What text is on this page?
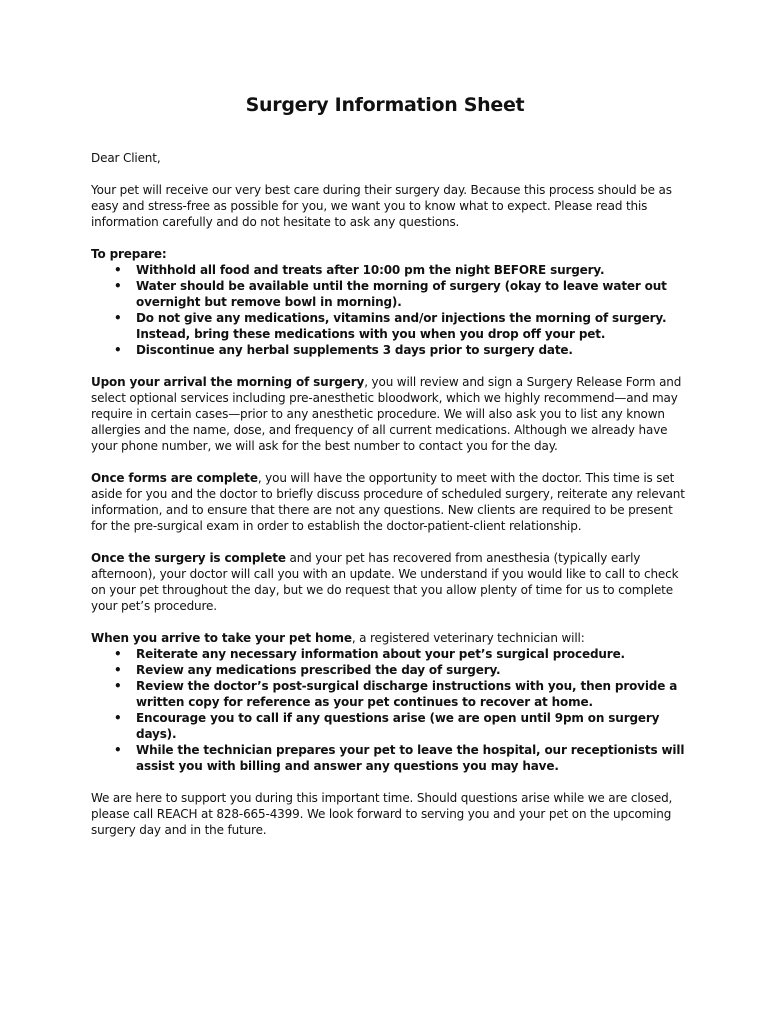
Surgery Information Sheet

Dear Client,

Your pet will receive our very best care during their surgery day. Because this process should be as easy and stress-free as possible for you, we want you to know what to expect. Please read this information carefully and do not hesitate to ask any questions.

To prepare:

• Withhold all food and treats after 10:00 pm the night BEFORE surgery.
• Water should be available until the morning of surgery (okay to leave water out overnight but remove bowl in morning).
• Do not give any medications, vitamins and/or injections the morning of surgery. Instead, bring these medications with you when you drop off your pet.
• Discontinue any herbal supplements 3 days prior to surgery date.

Upon your arrival the morning of surgery, you will review and sign a Surgery Release Form and select optional services including pre-anesthetic bloodwork, which we highly recommend—and may require in certain cases—prior to any anesthetic procedure. We will also ask you to list any known allergies and the name, dose, and frequency of all current medications. Although we already have your phone number, we will ask for the best number to contact you for the day.

Once forms are complete, you will have the opportunity to meet with the doctor. This time is set aside for you and the doctor to briefly discuss procedure of scheduled surgery, reiterate any relevant information, and to ensure that there are not any questions. New clients are required to be present for the pre-surgical exam in order to establish the doctor-patient-client relationship.

Once the surgery is complete and your pet has recovered from anesthesia (typically early afternoon), your doctor will call you with an update. We understand if you would like to call to check on your pet throughout the day, but we do request that you allow plenty of time for us to complete your pet’s procedure.

When you arrive to take your pet home, a registered veterinary technician will:

• Reiterate any necessary information about your pet’s surgical procedure.
• Review any medications prescribed the day of surgery.
• Review the doctor’s post-surgical discharge instructions with you, then provide a written copy for reference as your pet continues to recover at home.
• Encourage you to call if any questions arise (we are open until 9pm on surgery days).
• While the technician prepares your pet to leave the hospital, our receptionists will assist you with billing and answer any questions you may have.

We are here to support you during this important time. Should questions arise while we are closed, please call REACH at 828-665-4399. We look forward to serving you and your pet on the upcoming surgery day and in the future.
